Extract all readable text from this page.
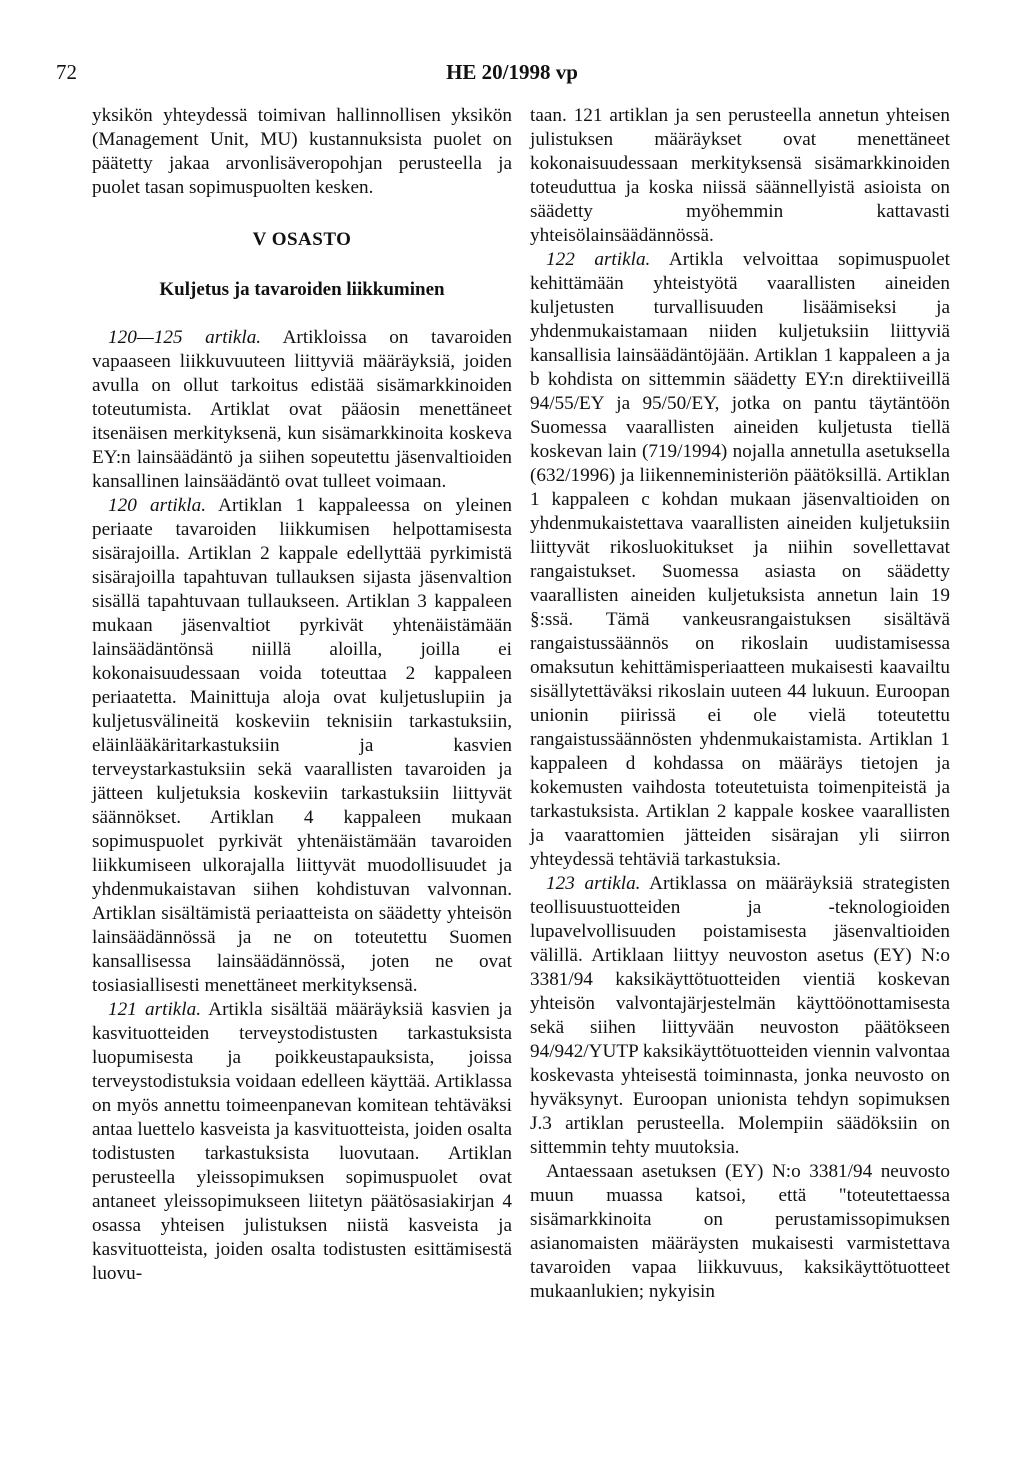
72	HE 20/1998 vp

yksikön yhteydessä toimivan hallinnollisen yksikön (Management Unit, MU) kustannuksista puolet on päätetty jakaa arvonlisäveropohjan perusteella ja puolet tasan sopimuspuolten kesken.

V OSASTO
Kuljetus ja tavaroiden liikkuminen

120—125 artikla. Artikloissa on tavaroiden vapaaseen liikkuvuuteen liittyviä määräyksiä, joiden avulla on ollut tarkoitus edistää sisämarkkinoiden toteutumista. Artiklat ovat pääosin menettäneet itsenäisen merkityksenä, kun sisämarkkinoita koskeva EY:n lainsäädäntö ja siihen sopeutettu jäsenvaltioiden kansallinen lainsäädäntö ovat tulleet voimaan.

120 artikla. Artiklan 1 kappaleessa on yleinen periaate tavaroiden liikkumisen helpottamisesta sisärajoilla. Artiklan 2 kappale edellyttää pyrkimistä sisärajoilla tapahtuvan tullauksen sijasta jäsenvaltion sisällä tapahtuvaan tullaukseen. Artiklan 3 kappaleen mukaan jäsenvaltiot pyrkivät yhtenäistämään lainsäädäntönsä niillä aloilla, joilla ei kokonaisuudessaan voida toteuttaa 2 kappaleen periaatetta. Mainittuja aloja ovat kuljetuslupiin ja kuljetusvälineitä koskeviin teknisiin tarkastuksiin, eläinlääkäritarkastuksiin ja kasvien terveystarkastuksiin sekä vaarallisten tavaroiden ja jätteen kuljetuksia koskeviin tarkastuksiin liittyvät säännökset. Artiklan 4 kappaleen mukaan sopimuspuolet pyrkivät yhtenäistämään tavaroiden liikkumiseen ulkorajalla liittyvät muodollisuudet ja yhdenmukaistavan siihen kohdistuvan valvonnan. Artiklan sisältämistä periaatteista on säädetty yhteisön lainsäädännössä ja ne on toteutettu Suomen kansallisessa lainsäädännössä, joten ne ovat tosiasiallisesti menettäneet merkityksensä.

121 artikla. Artikla sisältää määräyksiä kasvien ja kasvituotteiden terveystodistusten tarkastuksista luopumisesta ja poikkeustapauksista, joissa terveystodistuksia voidaan edelleen käyttää. Artiklassa on myös annettu toimeenpanevan komitean tehtäväksi antaa luettelo kasveista ja kasvituotteista, joiden osalta todistusten tarkastuksista luovutaan. Artiklan perusteella yleissopimuksen sopimuspuolet ovat antaneet yleissopimukseen liitetyn päätösasiakirjan 4 osassa yhteisen julistuksen niistä kasveista ja kasvituotteista, joiden osalta todistusten esittämisestä luovu-

taan. 121 artiklan ja sen perusteella annetun yhteisen julistuksen määräykset ovat menettäneet kokonaisuudessaan merkityksensä sisämarkkinoiden toteuduttua ja koska niissä säännellyistä asioista on säädetty myöhemmin kattavasti yhteisölainsäädännössä.

122 artikla. Artikla velvoittaa sopimuspuolet kehittämään yhteistyötä vaarallisten aineiden kuljetusten turvallisuuden lisäämiseksi ja yhdenmukaistamaan niiden kuljetuksiin liittyviä kansallisia lainsäädäntöjään. Artiklan 1 kappaleen a ja b kohdista on sittemmin säädetty EY:n direktiiveillä 94/55/EY ja 95/50/EY, jotka on pantu täytäntöön Suomessa vaarallisten aineiden kuljetusta tiellä koskevan lain (719/1994) nojalla annetulla asetuksella (632/1996) ja liikenneministeriön päätöksillä. Artiklan 1 kappaleen c kohdan mukaan jäsenvaltioiden on yhdenmukaistettava vaarallisten aineiden kuljetuksiin liittyvät rikosluokitukset ja niihin sovellettavat rangaistukset. Suomessa asiasta on säädetty vaarallisten aineiden kuljetuksista annetun lain 19 §:ssä. Tämä vankeusrangaistuksen sisältävä rangaistussäännös on rikoslain uudistamisessa omaksutun kehittämisperiaatteen mukaisesti kaavailtu sisällytettäväksi rikoslain uuteen 44 lukuun. Euroopan unionin piirissä ei ole vielä toteutettu rangaistussäännösten yhdenmukaistamista. Artiklan 1 kappaleen d kohdassa on määräys tietojen ja kokemusten vaihdosta toteutetuista toimenpiteistä ja tarkastuksista. Artiklan 2 kappale koskee vaarallisten ja vaarattomien jätteiden sisärajan yli siirron yhteydessä tehtäviä tarkastuksia.

123 artikla. Artiklassa on määräyksiä strategisten teollisuustuotteiden ja -teknologioiden lupavelvollisuuden poistamisesta jäsenvaltioiden välillä. Artiklaan liittyy neuvoston asetus (EY) N:o 3381/94 kaksikäyttötuotteiden vientiä koskevan yhteisön valvontajärjestelmän käyttöönottamisesta sekä siihen liittyvään neuvoston päätökseen 94/942/YUTP kaksikäyttötuotteiden viennin valvontaa koskevasta yhteisestä toiminnasta, jonka neuvosto on hyväksynyt. Euroopan unionista tehdyn sopimuksen J.3 artiklan perusteella. Molempiin säädöksiin on sittemmin tehty muutoksia.

Antaessaan asetuksen (EY) N:o 3381/94 neuvosto muun muassa katsoi, että "toteutettaessa sisämarkkinoita on perustamissopimuksen asianomaisten määräysten mukaisesti varmistettava tavaroiden vapaa liikkuvuus, kaksikäyttötuotteet mukaanlukien; nykyisin
